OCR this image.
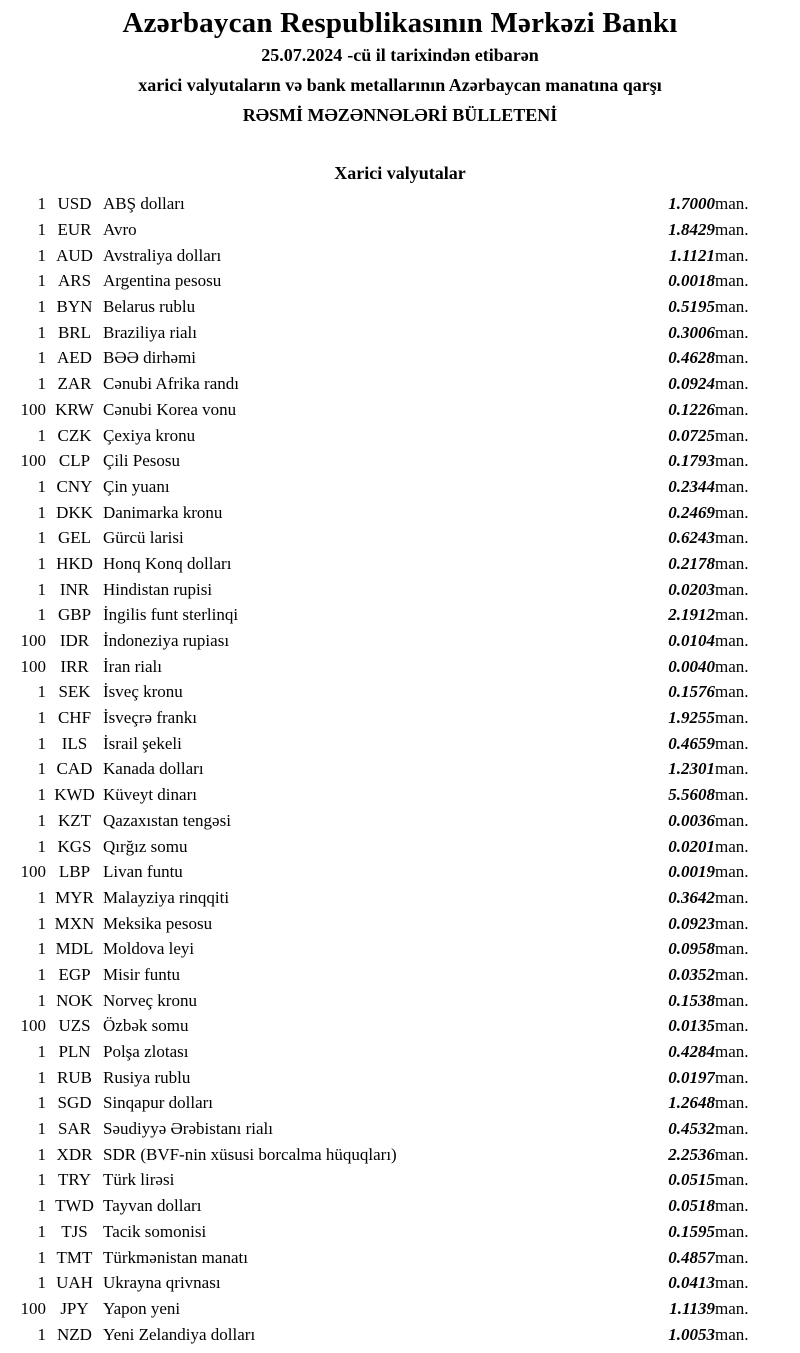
Azərbaycan Respublikasının Mərkəzi Bankı
25.07.2024 -cü il tarixindən etibarən
xarici valyutaların və bank metallarının Azərbaycan manatına qarşı
RƏSMİ MƏZƏNNƏLƏRİ BÜLLETENİ
Xarici valyutalar
1	USD	ABŞ dolları	1.7000	man.
1	EUR	Avro	1.8429	man.
1	AUD	Avstraliya dolları	1.1121	man.
1	ARS	Argentina pesosu	0.0018	man.
1	BYN	Belarus rublu	0.5195	man.
1	BRL	Braziliya rialı	0.3006	man.
1	AED	BƏƏ dirhəmi	0.4628	man.
1	ZAR	Cənubi Afrika randı	0.0924	man.
100	KRW	Cənubi Korea vonu	0.1226	man.
1	CZK	Çexiya kronu	0.0725	man.
100	CLP	Çili Pesosu	0.1793	man.
1	CNY	Çin yuanı	0.2344	man.
1	DKK	Danimarka kronu	0.2469	man.
1	GEL	Gürcü larisi	0.6243	man.
1	HKD	Honq Konq dolları	0.2178	man.
1	INR	Hindistan rupisi	0.0203	man.
1	GBP	İngilis funt sterlinqi	2.1912	man.
100	IDR	İndoneziya rupiası	0.0104	man.
100	IRR	İran rialı	0.0040	man.
1	SEK	İsveç kronu	0.1576	man.
1	CHF	İsveçrə frankı	1.9255	man.
1	ILS	İsrail şekeli	0.4659	man.
1	CAD	Kanada dolları	1.2301	man.
1	KWD	Küveyt dinarı	5.5608	man.
1	KZT	Qazaxıstan tengəsi	0.0036	man.
1	KGS	Qırğız somu	0.0201	man.
100	LBP	Livan funtu	0.0019	man.
1	MYR	Malayziya rinqqiti	0.3642	man.
1	MXN	Meksika pesosu	0.0923	man.
1	MDL	Moldova leyi	0.0958	man.
1	EGP	Misir funtu	0.0352	man.
1	NOK	Norveç kronu	0.1538	man.
100	UZS	Özbək somu	0.0135	man.
1	PLN	Polşa zlotası	0.4284	man.
1	RUB	Rusiya rublu	0.0197	man.
1	SGD	Sinqapur dolları	1.2648	man.
1	SAR	Səudiyyə Ərəbistanı rialı	0.4532	man.
1	XDR	SDR (BVF-nin xüsusi borcalma hüquqları)	2.2536	man.
1	TRY	Türk lirəsi	0.0515	man.
1	TWD	Tayvan dolları	0.0518	man.
1	TJS	Tacik somonisi	0.1595	man.
1	TMT	Türkmənistan manatı	0.4857	man.
1	UAH	Ukrayna qrivnası	0.0413	man.
100	JPY	Yapon yeni	1.1139	man.
1	NZD	Yeni Zelandiya dolları	1.0053	man.
